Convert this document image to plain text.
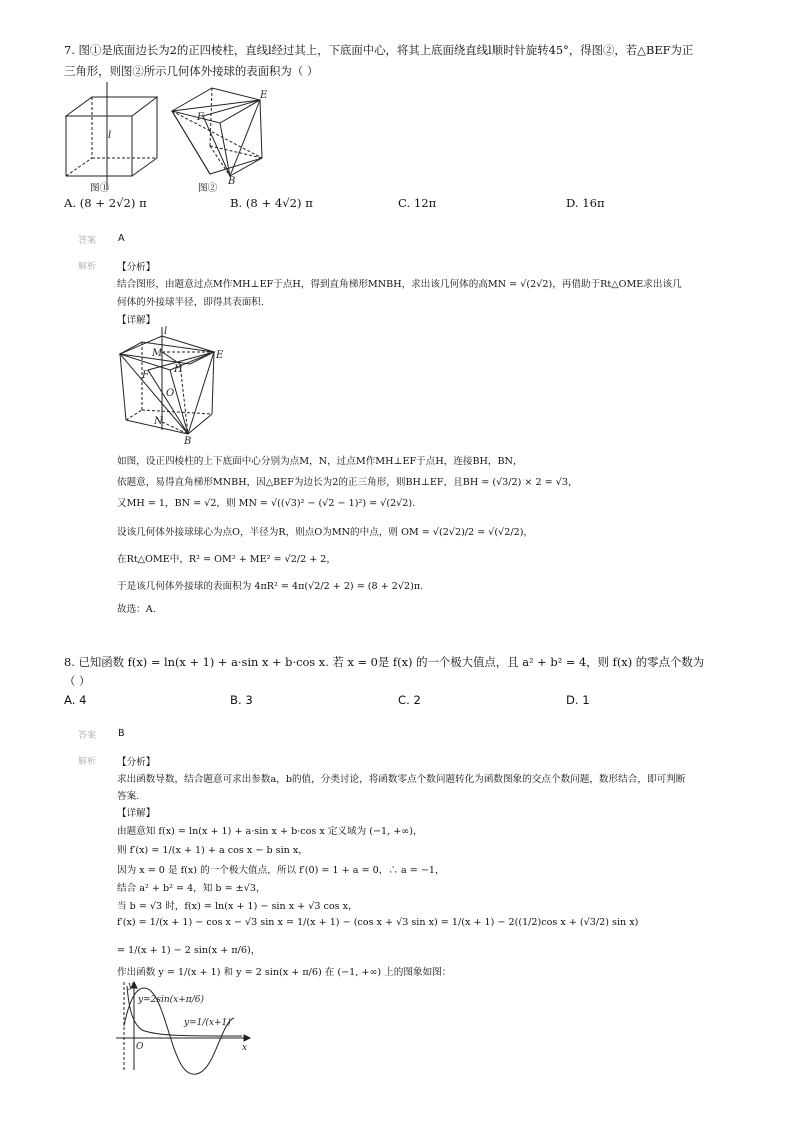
7. 图①是底面边长为2的正四棱柱，直线l经过其上，下底面中心，将其上底面绕直线l顺时针旋转45°，得图②，若△BEF为正
三角形，则图②所示几何体外接球的表面积为（ ）
l
图①
E
F
B
图②
A. (8 + 2√2) π	B. (8 + 4√2) π	C. 12π	D. 16π
答案 A
解析 【分析】
结合图形，由题意过点M作MH⊥EF于点H，得到直角梯形MNBH，求出该几何体的高MN = √(2√2)，再借助于Rt△OME求出该几
何体的外接球半径，即得其表面积.
【详解】
l
M	E
F
H
O
N
B
如图，设正四棱柱的上下底面中心分别为点M，N，过点M作MH⊥EF于点H，连接BH，BN，
依题意，易得直角梯形MNBH，因△BEF为边长为2的正三角形，则BH⊥EF，且BH = (√3/2) × 2 = √3，
又MH = 1，BN = √2，则 MN = √((√3)² − (√2 − 1)²) = √(2√2).
设该几何体外接球球心为点O，半径为R，则点O为MN的中点，则 OM = √(2√2)/2 = √(√2/2)，
在Rt△OME中，R² = OM² + ME² = √2/2 + 2，
于是该几何体外接球的表面积为 4πR² = 4π(√2/2 + 2) = (8 + 2√2)π.
故选：A.
8. 已知函数 f(x) = ln(x + 1) + a·sin x + b·cos x. 若 x = 0是 f(x) 的一个极大值点，且 a² + b² = 4，则 f(x) 的零点个数为
（ ）
A. 4	B. 3	C. 2	D. 1
答案 B
解析 【分析】
求出函数导数，结合题意可求出参数a，b的值，分类讨论，将函数零点个数问题转化为函数图象的交点个数问题，数形结合，即可判断
答案.
【详解】
由题意知 f(x) = ln(x + 1) + a·sin x + b·cos x 定义域为 (−1, +∞)，
则 f′(x) = 1/(x + 1) + a cos x − b sin x，
因为 x = 0 是 f(x) 的一个极大值点，所以 f′(0) = 1 + a = 0，∴ a = −1，
结合 a² + b² = 4，知 b = ±√3，
当 b = √3 时，f(x) = ln(x + 1) − sin x + √3 cos x，
f′(x) = 1/(x + 1) − cos x − √3 sin x = 1/(x + 1) − (cos x + √3 sin x) = 1/(x + 1) − 2((1/2)cos x + (√3/2) sin x)
= 1/(x + 1) − 2 sin(x + π/6)，
作出函数 y = 1/(x + 1) 和 y = 2 sin(x + π/6) 在 (−1, +∞) 上的图象如图：
y
x
O
y=2sin(x+π/6)
y=1/(x+1)
